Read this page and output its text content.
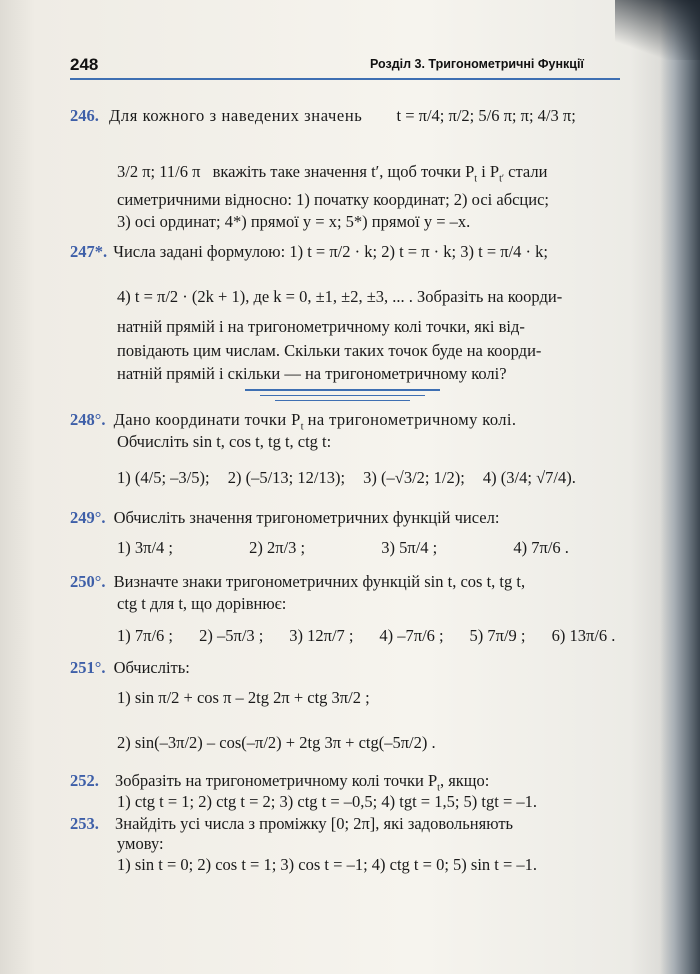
248	Розділ 3. Тригонометричні Функції
246. Для кожного з наведених значень t = π/4; π/2; 5/6 π; π; 4/3 π;
3/2 π; 11/6 π вкажіть таке значення t′, щоб точки $P_t$ і $P_{t'}$ стали
симетричними відносно: 1) початку координат; 2) осі абсцис;
3) осі ординат; 4*) прямої y = x; 5*) прямої y = –x.
247*. Числа задані формулою: 1) t = π/2 · k; 2) t = π · k; 3) t = π/4 · k;
4) t = π/2 · (2k + 1), де k = 0, ±1, ±2, ±3, ... . Зобразіть на коорди-
натній прямій і на тригонометричному колі точки, які від-
повідають цим числам. Скільки таких точок буде на коорди-
натній прямій і скільки — на тригонометричному колі?
248°. Дано координати точки $P_t$ на тригонометричному колі.
Обчисліть sin t, cos t, tg t, ctg t:
1) (4/5; –3/5); 2) (–5/13; 12/13); 3) (–√3/2; 1/2); 4) (3/4; √7/4).
249°. Обчисліть значення тригонометричних функцій чисел:
1) 3π/4 ;	2) 2π/3 ;	3) 5π/4 ;	4) 7π/6 .
250°. Визначте знаки тригонометричних функцій sin t, cos t, tg t,
ctg t для t, що дорівнює:
1) 7π/6 ; 2) –5π/3 ; 3) 12π/7 ; 4) –7π/6 ; 5) 7π/9 ; 6) 13π/6 .
251°. Обчисліть:
1) sin π/2 + cos π – 2tg 2π + ctg 3π/2 ;
2) sin(–3π/2) – cos(–π/2) + 2tg 3π + ctg(–5π/2) .
252. Зобразіть на тригонометричному колі точки $P_t$, якщо:
1) ctg t = 1; 2) ctg t = 2; 3) ctg t = –0,5; 4) tgt = 1,5; 5) tgt = –1.
253. Знайдіть усі числа з проміжку [0; 2π], які задовольняють
умову:
1) sin t = 0; 2) cos t = 1; 3) cos t = –1; 4) ctg t = 0; 5) sin t = –1.
